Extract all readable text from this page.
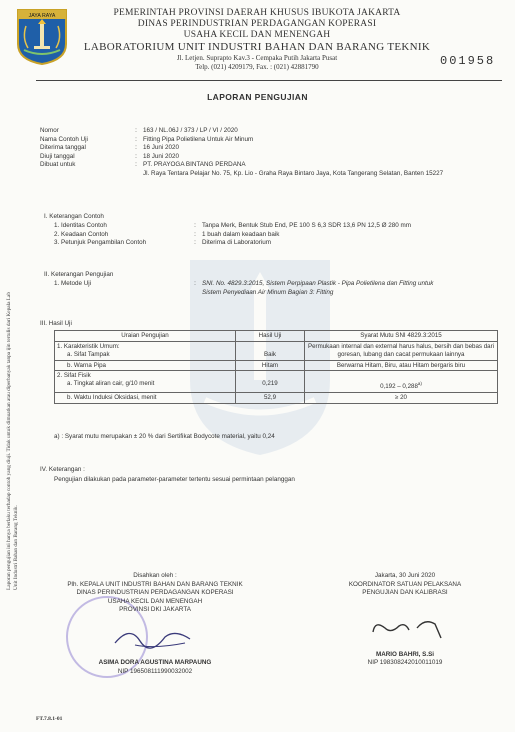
JAYA RAYA	PEMERINTAH PROVINSI DAERAH KHUSUS IBUKOTA JAKARTA
DINAS PERINDUSTRIAN PERDAGANGAN KOPERASI
USAHA KECIL DAN MENENGAH
LABORATORIUM UNIT INDUSTRI BAHAN DAN BARANG TEKNIK
Jl. Letjen. Suprapto Kav.3 - Cempaka Putih Jakarta Pusat
Telp. (021) 4209179, Fax. : (021) 42881790	001958
LAPORAN PENGUJIAN
Nomor	:	163 / NL.06J / 373 / LP / VI / 2020
Nama Contoh Uji	:	Fitting Pipa Polietilena Untuk Air Minum
Diterima tanggal	:	16 Juni 2020
Diuji tanggal	:	18 Juni 2020
Dibuat untuk	:	PT. PRAYOGA BINTANG PERDANA
		Jl. Raya Tentara Pelajar No. 75, Kp. Lio - Graha Raya Bintaro Jaya, Kota Tangerang Selatan, Banten 15227
I. Keterangan Contoh
1. Identitas Contoh	:	Tanpa Merk, Bentuk Stub End, PE 100 S 6,3 SDR 13,6 PN 12,5 Ø 280 mm
2. Keadaan Contoh	:	1 buah dalam keadaan baik
3. Petunjuk Pengambilan Contoh	:	Diterima di Laboratorium
II. Keterangan Pengujian
1. Metode Uji	:	SNI. No. 4829.3:2015, Sistem Perpipaan Plastik - Pipa Polietilena dan Fitting untuk Sistem Penyediaan Air Minum Bagian 3: Fitting
III. Hasil Uji
Uraian Pengujian	Hasil Uji	Syarat Mutu SNI 4829.3:2015

1. Karakteristik Umum:
a. Sifat Tampak	Baik	Permukaan internal dan external harus halus, bersih dan bebas dari goresan, lubang dan cacat permukaan lainnya
b. Warna Pipa	Hitam	Berwarna Hitam, Biru, atau Hitam bergaris biru

2. Sifat Fisik
a. Tingkat aliran cair, g/10 menit	0,219	0,192 – 0,288$^{a)}$
b. Waktu Induksi Oksidasi, menit	52,9	≥ 20
a) : Syarat mutu merupakan ± 20 % dari Sertifikat Bodycote material, yaitu 0,24
IV. Keterangan :
Pengujian dilakukan pada parameter-parameter tertentu sesuai permintaan pelanggan
Laporan pengujian ini hanya berlaku terhadap contoh yang diuji. Tidak untuk dimuatkan atau diperbanyak tanpa ijin tertulis dari Kepala Lab Unit Industri Bahan dan Barang Teknik.	Disahkan oleh :
Plh. KEPALA UNIT INDUSTRI BAHAN DAN BARANG TEKNIK
DINAS PERINDUSTRIAN PERDAGANGAN KOPERASI
USAHA KECIL DAN MENENGAH
PROVINSI DKI JAKARTA
ASIMA DORA AGUSTINA MARPAUNG
NIP 196508111990032002
Jakarta, 30 Juni 2020
KOORDINATOR SATUAN PELAKSANA
PENGUJIAN DAN KALIBRASI
MARIO BAHRI, S.Si
NIP 198308242010011019
FT.7.8.1-01
